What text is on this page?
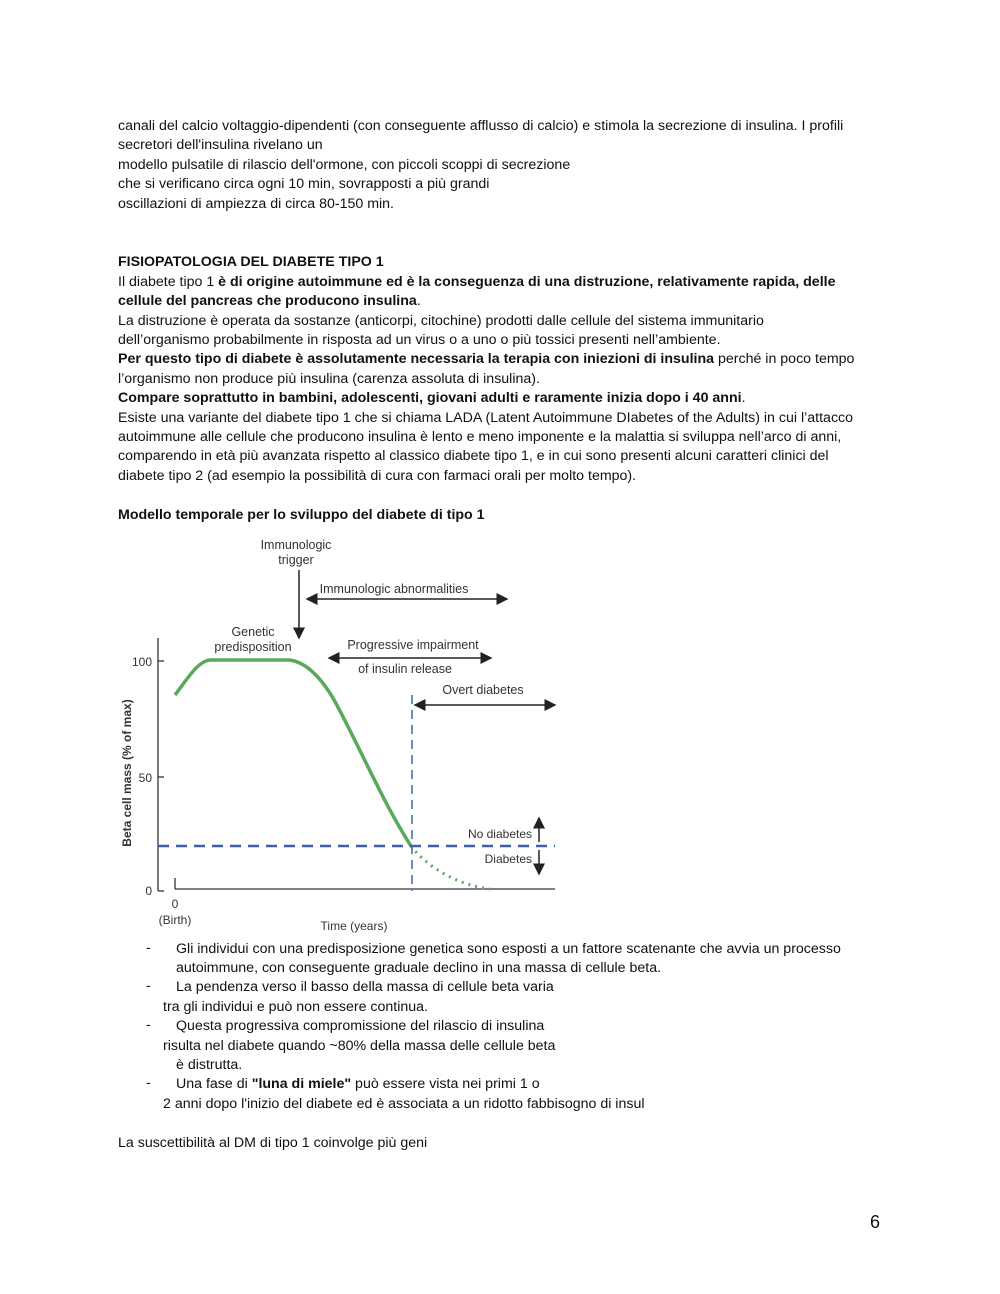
canali del calcio voltaggio-dipendenti (con conseguente afflusso di calcio) e stimola la secrezione di insulina. I profili
secretori dell'insulina rivelano un
modello pulsatile di rilascio dell'ormone, con piccoli scoppi di secrezione
che si verificano circa ogni 10 min, sovrapposti a più grandi
oscillazioni di ampiezza di circa 80-150 min.
FISIOPATOLOGIA DEL DIABETE TIPO 1
Il diabete tipo 1 è di origine autoimmune ed è la conseguenza di una distruzione, relativamente rapida, delle
cellule del pancreas che producono insulina.
La distruzione è operata da sostanze (anticorpi, citochine) prodotti dalle cellule del sistema immunitario
dell’organismo probabilmente in risposta ad un virus o a uno o più tossici presenti nell’ambiente.
Per questo tipo di diabete è assolutamente necessaria la terapia con iniezioni di insulina perché in poco tempo
l’organismo non produce più insulina (carenza assoluta di insulina).
Compare soprattutto in bambini, adolescenti, giovani adulti e raramente inizia dopo i 40 anni.
Esiste una variante del diabete tipo 1 che si chiama LADA (Latent Autoimmune DIabetes of the Adults) in cui l’attacco
autoimmune alle cellule che producono insulina è lento e meno imponente e la malattia si sviluppa nell’arco di anni,
comparendo in età più avanzata rispetto al classico diabete tipo 1, e in cui sono presenti alcuni caratteri clinici del
diabete tipo 2 (ad esempio la possibilità di cura con farmaci orali per molto tempo).
Modello temporale per lo sviluppo del diabete di tipo 1
100
50
0
0
(Birth)
Beta cell mass (% of max)
Time (years)
Immunologic
trigger
Immunologic abnormalities
Genetic
predisposition	Progressive impairment
of insulin release
Overt diabetes
No diabetes
Diabetes
- Gli individui con una predisposizione genetica sono esposti a un fattore scatenante che avvia un processo
autoimmune, con conseguente graduale declino in una massa di cellule beta.
- La pendenza verso il basso della massa di cellule beta varia
tra gli individui e può non essere continua.
- Questa progressiva compromissione del rilascio di insulina
risulta nel diabete quando ~80% della massa delle cellule beta
è distrutta.
- Una fase di "luna di miele" può essere vista nei primi 1 o
2 anni dopo l'inizio del diabete ed è associata a un ridotto fabbisogno di insul
La suscettibilità al DM di tipo 1 coinvolge più geni
6
